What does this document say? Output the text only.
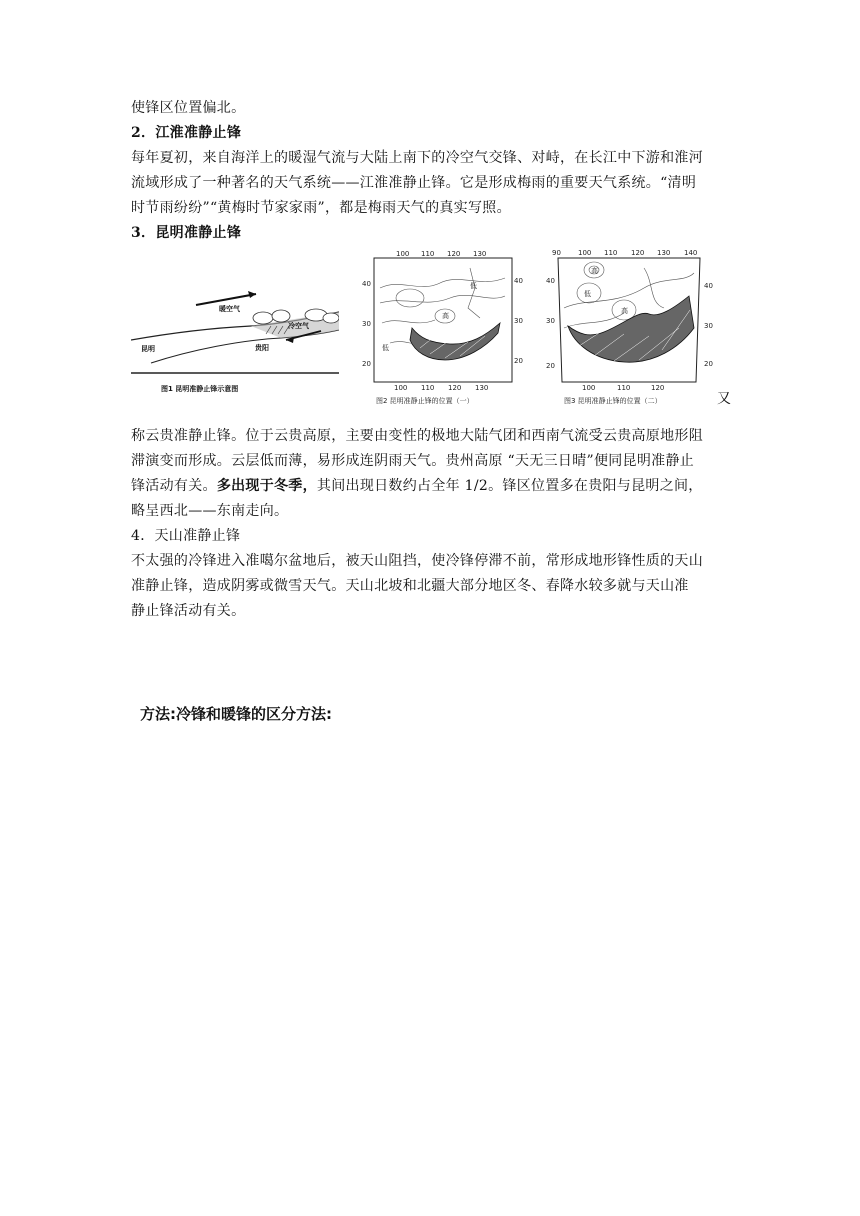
使锋区位置偏北。

2．江淮准静止锋

每年夏初，来自海洋上的暖湿气流与大陆上南下的冷空气交锋、对峙，在长江中下游和淮河

流域形成了一种著名的天气系统——江淮准静止锋。它是形成梅雨的重要天气系统。“清明

时节雨纷纷”“黄梅时节家家雨”，都是梅雨天气的真实写照。

3．昆明准静止锋

暖空气
冷空气
昆明	贵阳
图1 昆明准静止锋示意图
100 110 120 130
100 110 120 130
40
30
20
40
30
20
低
低
高
图2 昆明准静止锋的位置（一）
90 100 110 120 130 140
100	110	120
40
30
20
40
30
20
高
高
低
图3 昆明准静止锋的位置（二）	又

称云贵准静止锋。位于云贵高原，主要由变性的极地大陆气团和西南气流受云贵高原地形阻

滞演变而形成。云层低而薄，易形成连阴雨天气。贵州高原 “天无三日晴”便同昆明准静止

锋活动有关。多出现于冬季，其间出现日数约占全年 1/2。锋区位置多在贵阳与昆明之间，

略呈西北——东南走向。

4．天山准静止锋

不太强的冷锋进入准噶尔盆地后，被天山阻挡，使冷锋停滞不前，常形成地形锋性质的天山

准静止锋，造成阴雾或微雪天气。天山北坡和北疆大部分地区冬、春降水较多就与天山准

静止锋活动有关。

方法:冷锋和暖锋的区分方法:
